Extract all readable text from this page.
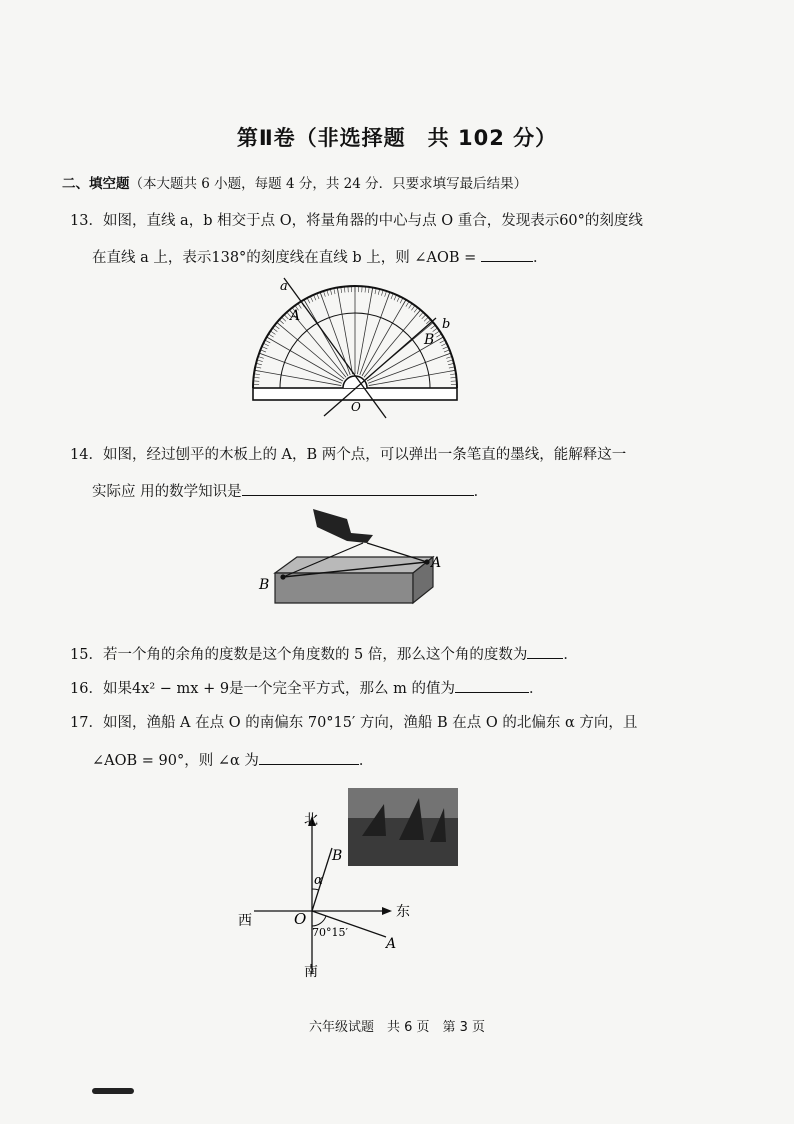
第Ⅱ卷（非选择题　共 102 分）
二、填空题（本大题共 6 小题，每题 4 分，共 24 分．只要求填写最后结果）
13．如图，直线 a，b 相交于点 O，将量角器的中心与点 O 重合，发现表示60°的刻度线
在直线 a 上，表示138°的刻度线在直线 b 上，则 ∠AOB =	．
a
b
A
B
O
14．如图，经过刨平的木板上的 A，B 两个点，可以弹出一条笔直的墨线，能解释这一
实际应 用的数学知识是	．
A
B
15．若一个角的余角的度数是这个角度数的 5 倍，那么这个角的度数为 ．
16．如果4x² − mx + 9是一个完全平方式，那么 m 的值为	．
17．如图，渔船 A 在点 O 的南偏东 70°15′ 方向，渔船 B 在点 O 的北偏东 α 方向，且
∠AOB = 90°，则 ∠α 为	．
北
南
东
西	O
B
A
α
70°15′
六年级试题　共 6 页　第 3 页
